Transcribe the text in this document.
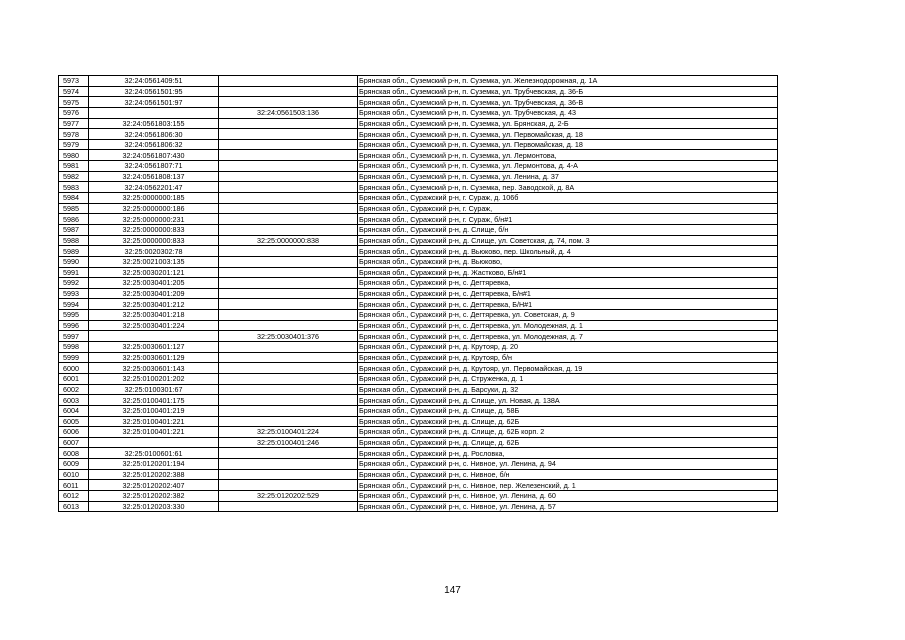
5973	32:24:0561409:51		Брянская обл., Суземский р-н, п. Суземка, ул. Железнодорожная, д. 1А
5974	32:24:0561501:95		Брянская обл., Суземский р-н, п. Суземка, ул. Трубчевская, д. 36-Б
5975	32:24:0561501:97		Брянская обл., Суземский р-н, п. Суземка, ул. Трубчевская, д. 36-В
5976		32:24:0561503:136	Брянская обл., Суземский р-н, п. Суземка, ул. Трубчевская, д. 43
5977	32:24:0561803:155		Брянская обл., Суземский р-н, п. Суземка, ул. Брянская, д. 2-Б
5978	32:24:0561806:30		Брянская обл., Суземский р-н, п. Суземка, ул. Первомайская, д. 18
5979	32:24:0561806:32		Брянская обл., Суземский р-н, п. Суземка, ул. Первомайская, д. 18
5980	32:24:0561807:430		Брянская обл., Суземский р-н, п. Суземка, ул. Лермонтова,
5981	32:24:0561807:71		Брянская обл., Суземский р-н, п. Суземка, ул. Лермонтова, д. 4-А
5982	32:24:0561808:137		Брянская обл., Суземский р-н, п. Суземка, ул. Ленина, д. 37
5983	32:24:0562201:47		Брянская обл., Суземский р-н, п. Суземка, пер. Заводской, д. 8А
5984	32:25:0000000:185		Брянская обл., Суражский р-н, г. Сураж, д. 106б
5985	32:25:0000000:186		Брянская обл., Суражский р-н, г. Сураж,
5986	32:25:0000000:231		Брянская обл., Суражский р-н, г. Сураж, б/н#1
5987	32:25:0000000:833		Брянская обл., Суражский р-н, д. Слище, б/н
5988	32:25:0000000:833	32:25:0000000:838	Брянская обл., Суражский р-н, д. Слище, ул. Советская, д. 74, пом. 3
5989	32:25:0020302:78		Брянская обл., Суражский р-н, д. Вьюково, пер. Школьный, д. 4
5990	32:25:0021003:135		Брянская обл., Суражский р-н, д. Вьюково,
5991	32:25:0030201:121		Брянская обл., Суражский р-н, д. Жастково, Б/н#1
5992	32:25:0030401:205		Брянская обл., Суражский р-н, с. Дегтяревка,
5993	32:25:0030401:209		Брянская обл., Суражский р-н, с. Дегтяревка, Б/н#1
5994	32:25:0030401:212		Брянская обл., Суражский р-н, с. Дегтяревка, Б/Н#1
5995	32:25:0030401:218		Брянская обл., Суражский р-н, с. Дегтяревка, ул. Советская, д. 9
5996	32:25:0030401:224		Брянская обл., Суражский р-н, с. Дегтяревка, ул. Молодежная, д. 1
5997		32:25:0030401:376	Брянская обл., Суражский р-н, с. Дегтяревка, ул. Молодежная, д. 7
5998	32:25:0030601:127		Брянская обл., Суражский р-н, д. Крутояр, д. 20
5999	32:25:0030601:129		Брянская обл., Суражский р-н, д. Крутояр, б/н
6000	32:25:0030601:143		Брянская обл., Суражский р-н, д. Крутояр, ул. Первомайская, д. 19
6001	32:25:0100201:202		Брянская обл., Суражский р-н, д. Струженка, д. 1
6002	32:25:0100301:67		Брянская обл., Суражский р-н, д. Барсуки, д. 32
6003	32:25:0100401:175		Брянская обл., Суражский р-н, д. Слище, ул. Новая, д. 138А
6004	32:25:0100401:219		Брянская обл., Суражский р-н, д. Слище, д. 58Б
6005	32:25:0100401:221		Брянская обл., Суражский р-н, д. Слище, д. 62Б
6006	32:25:0100401:221	32:25:0100401:224	Брянская обл., Суражский р-н, д. Слище, д. 62Б корп. 2
6007		32:25:0100401:246	Брянская обл., Суражский р-н, д. Слище, д. 62Б
6008	32:25:0100601:61		Брянская обл., Суражский р-н, д. Рословка,
6009	32:25:0120201:194		Брянская обл., Суражский р-н, с. Нивное, ул. Ленина, д. 94
6010	32:25:0120202:388		Брянская обл., Суражский р-н, с. Нивное, б/н
6011	32:25:0120202:407		Брянская обл., Суражский р-н, с. Нивное, пер. Железенский, д. 1
6012	32:25:0120202:382	32:25:0120202:529	Брянская обл., Суражский р-н, с. Нивное, ул. Ленина, д. 60
6013	32:25:0120203:330		Брянская обл., Суражский р-н, с. Нивное, ул. Ленина, д. 57
147
